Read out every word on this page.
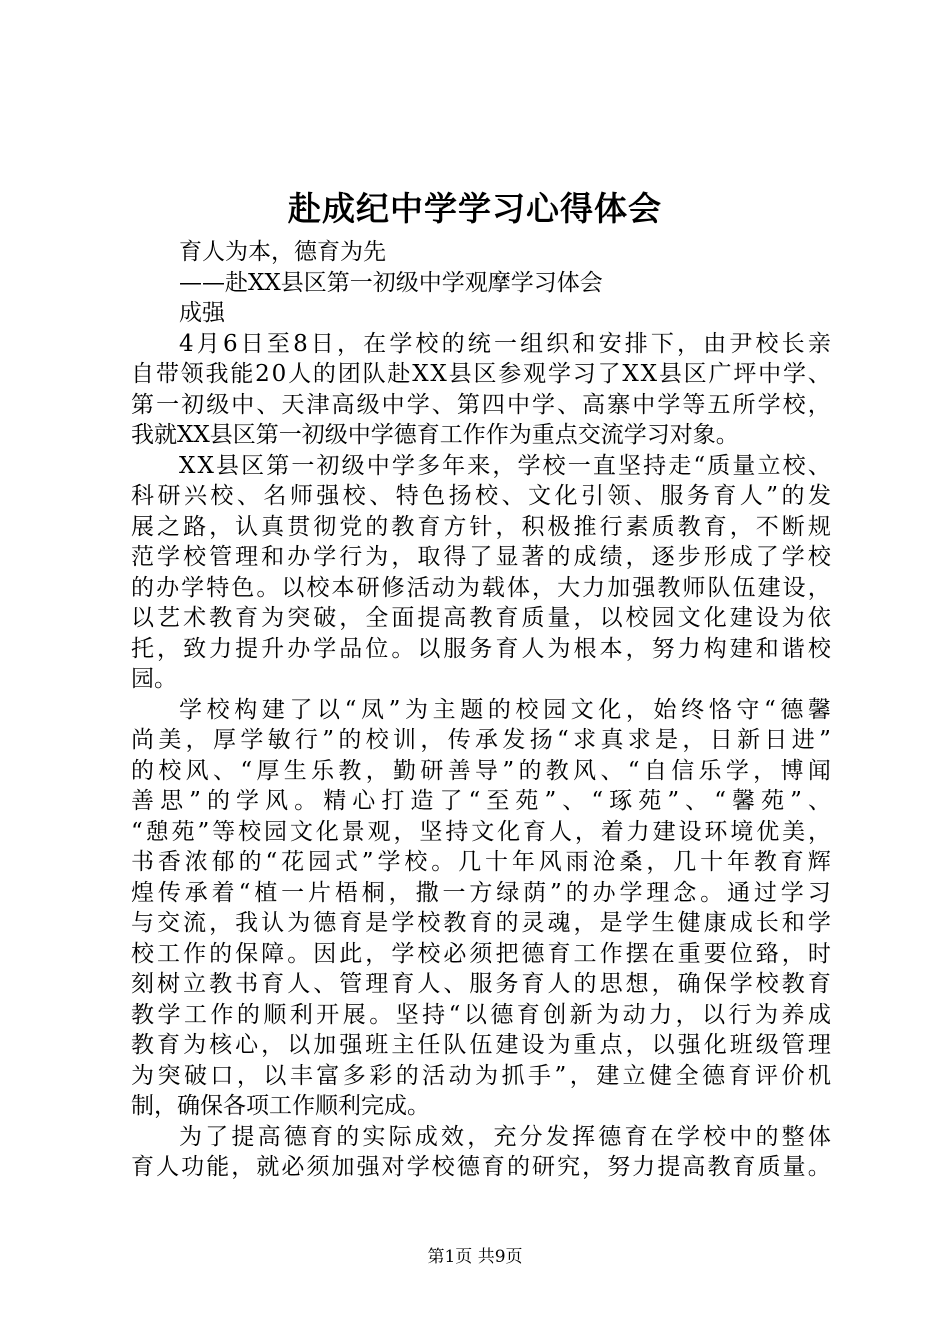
赴成纪中学学习心得体会
育人为本，德育为先
——赴XX县区第一初级中学观摩学习体会
成强
4 月 6 日 至 8 日 ， 在 学 校 的 统 一 组 织 和 安 排 下 ， 由 尹 校 长 亲
自 带 领 我 能 2 0 人 的 团 队 赴 X X 县 区 参 观 学 习 了 X X 县 区 广 坪 中 学 、
第 一 初 级 中 、 天 津 高 级 中 学 、 第 四 中 学 、 高 寨 中 学 等 五 所 学 校 ，
我就XX县区第一初级中学德育工作作为重点交流学习对象。
X X 县 区 第 一 初 级 中 学 多 年 来 ， 学 校 一 直 坚 持 走 “ 质 量 立 校 、
科 研 兴 校 、 名 师 强 校 、 特 色 扬 校 、 文 化 引 领 、 服 务 育 人 ” 的 发
展 之 路 ， 认 真 贯 彻 党 的 教 育 方 针 ， 积 极 推 行 素 质 教 育 ， 不 断 规
范 学 校 管 理 和 办 学 行 为 ， 取 得 了 显 著 的 成 绩 ， 逐 步 形 成 了 学 校
的 办 学 特 色 。 以 校 本 研 修 活 动 为 载 体 ， 大 力 加 强 教 师 队 伍 建 设 ，
以 艺 术 教 育 为 突 破 ， 全 面 提 高 教 育 质 量 ， 以 校 园 文 化 建 设 为 依
托 ， 致 力 提 升 办 学 品 位 。 以 服 务 育 人 为 根 本 ， 努 力 构 建 和 谐 校
园。
学 校 构 建 了 以 “ 凤 ” 为 主 题 的 校 园 文 化 ， 始 终 恪 守 “ 德 馨
尚 美 ， 厚 学 敏 行 ” 的 校 训 ， 传 承 发 扬 “ 求 真 求 是 ， 日 新 日 进 ”
的 校 风 、 “ 厚 生 乐 教 ， 勤 研 善 导 ” 的 教 风 、 “ 自 信 乐 学 ， 博 闻
善 思 ” 的 学 风 。 精 心 打 造 了 “ 至 苑 ” 、 “ 琢 苑 ” 、 “ 馨 苑 ” 、
“ 憩 苑 ” 等 校 园 文 化 景 观 ， 坚 持 文 化 育 人 ， 着 力 建 设 环 境 优 美 ，
书 香 浓 郁 的 “ 花 园 式 ” 学 校 。 几 十 年 风 雨 沧 桑 ， 几 十 年 教 育 辉
煌 传 承 着 “ 植 一 片 梧 桐 ， 撒 一 方 绿 荫 ” 的 办 学 理 念 。 通 过 学 习
与 交 流 ， 我 认 为 德 育 是 学 校 教 育 的 灵 魂 ， 是 学 生 健 康 成 长 和 学
校 工 作 的 保 障 。 因 此 ， 学 校 必 须 把 德 育 工 作 摆 在 重 要 位 臵 ， 时
刻 树 立 教 书 育 人 、 管 理 育 人 、 服 务 育 人 的 思 想 ， 确 保 学 校 教 育
教 学 工 作 的 顺 利 开 展 。 坚 持 “ 以 德 育 创 新 为 动 力 ， 以 行 为 养 成
教 育 为 核 心 ， 以 加 强 班 主 任 队 伍 建 设 为 重 点 ， 以 强 化 班 级 管 理
为 突 破 口 ， 以 丰 富 多 彩 的 活 动 为 抓 手 ” ， 建 立 健 全 德 育 评 价 机
制，确保各项工作顺利完成。
为 了 提 高 德 育 的 实 际 成 效 ， 充 分 发 挥 德 育 在 学 校 中 的 整 体
育 人 功 能 ， 就 必 须 加 强 对 学 校 德 育 的 研 究 ， 努 力 提 高 教 育 质 量 。
第1页 共9页
